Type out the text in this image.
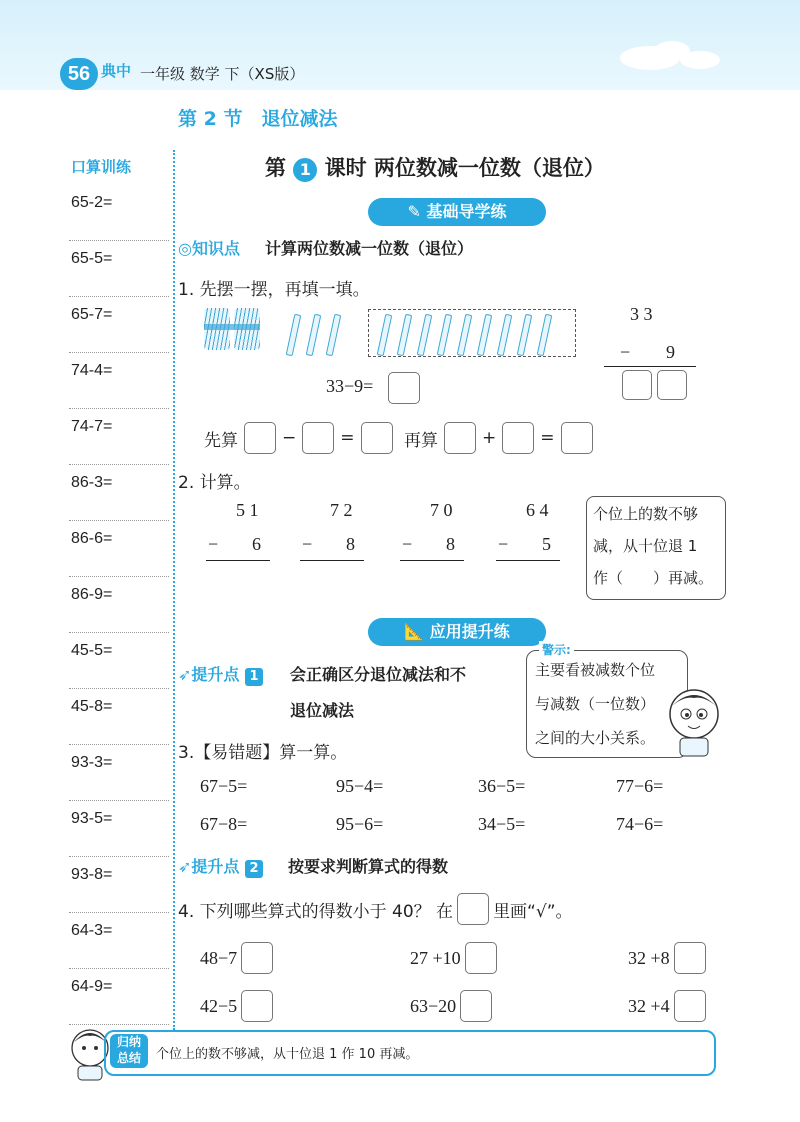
56 典中 一年级 数学 下（XS版）
第 2 节　退位减法
第 1 课时 两位数减一位数（退位）
口算训练
65-2=
65-5=
65-7=
74-4=
74-7=
86-3=
86-6=
86-9=
45-5=
45-8=
93-3=
93-5=
93-8=
64-3=
64-9=
✎ 基础导学练
◎知识点 计算两位数减一位数（退位）
1. 先摆一摆，再填一填。
3 3
− 9

33−9=
先算	−	=	再算	+	=
2. 计算。
5 1
− 6
7 2
− 8
7 0
− 8
6 4
− 5
个位上的数不够
减，从十位退 1
作（　　）再减。
📐 应用提升练
➶提升点 1 会正确区分退位减法和不
退位减法
警示:
主要看被减数个位
与减数（一位数）
之间的大小关系。
3.【易错题】算一算。
67−5=	95−4=	36−5=	77−6=
67−8=	95−6=	34−5=	74−6=
➶提升点 2 按要求判断算式的得数
4. 下列哪些算式的得数小于 40？ 在 里画“√”。
48−7	27 +10	32 +8
42−5	63−20	32 +4
归纳
总结	个位上的数不够减，从十位退 1 作 10 再减。
